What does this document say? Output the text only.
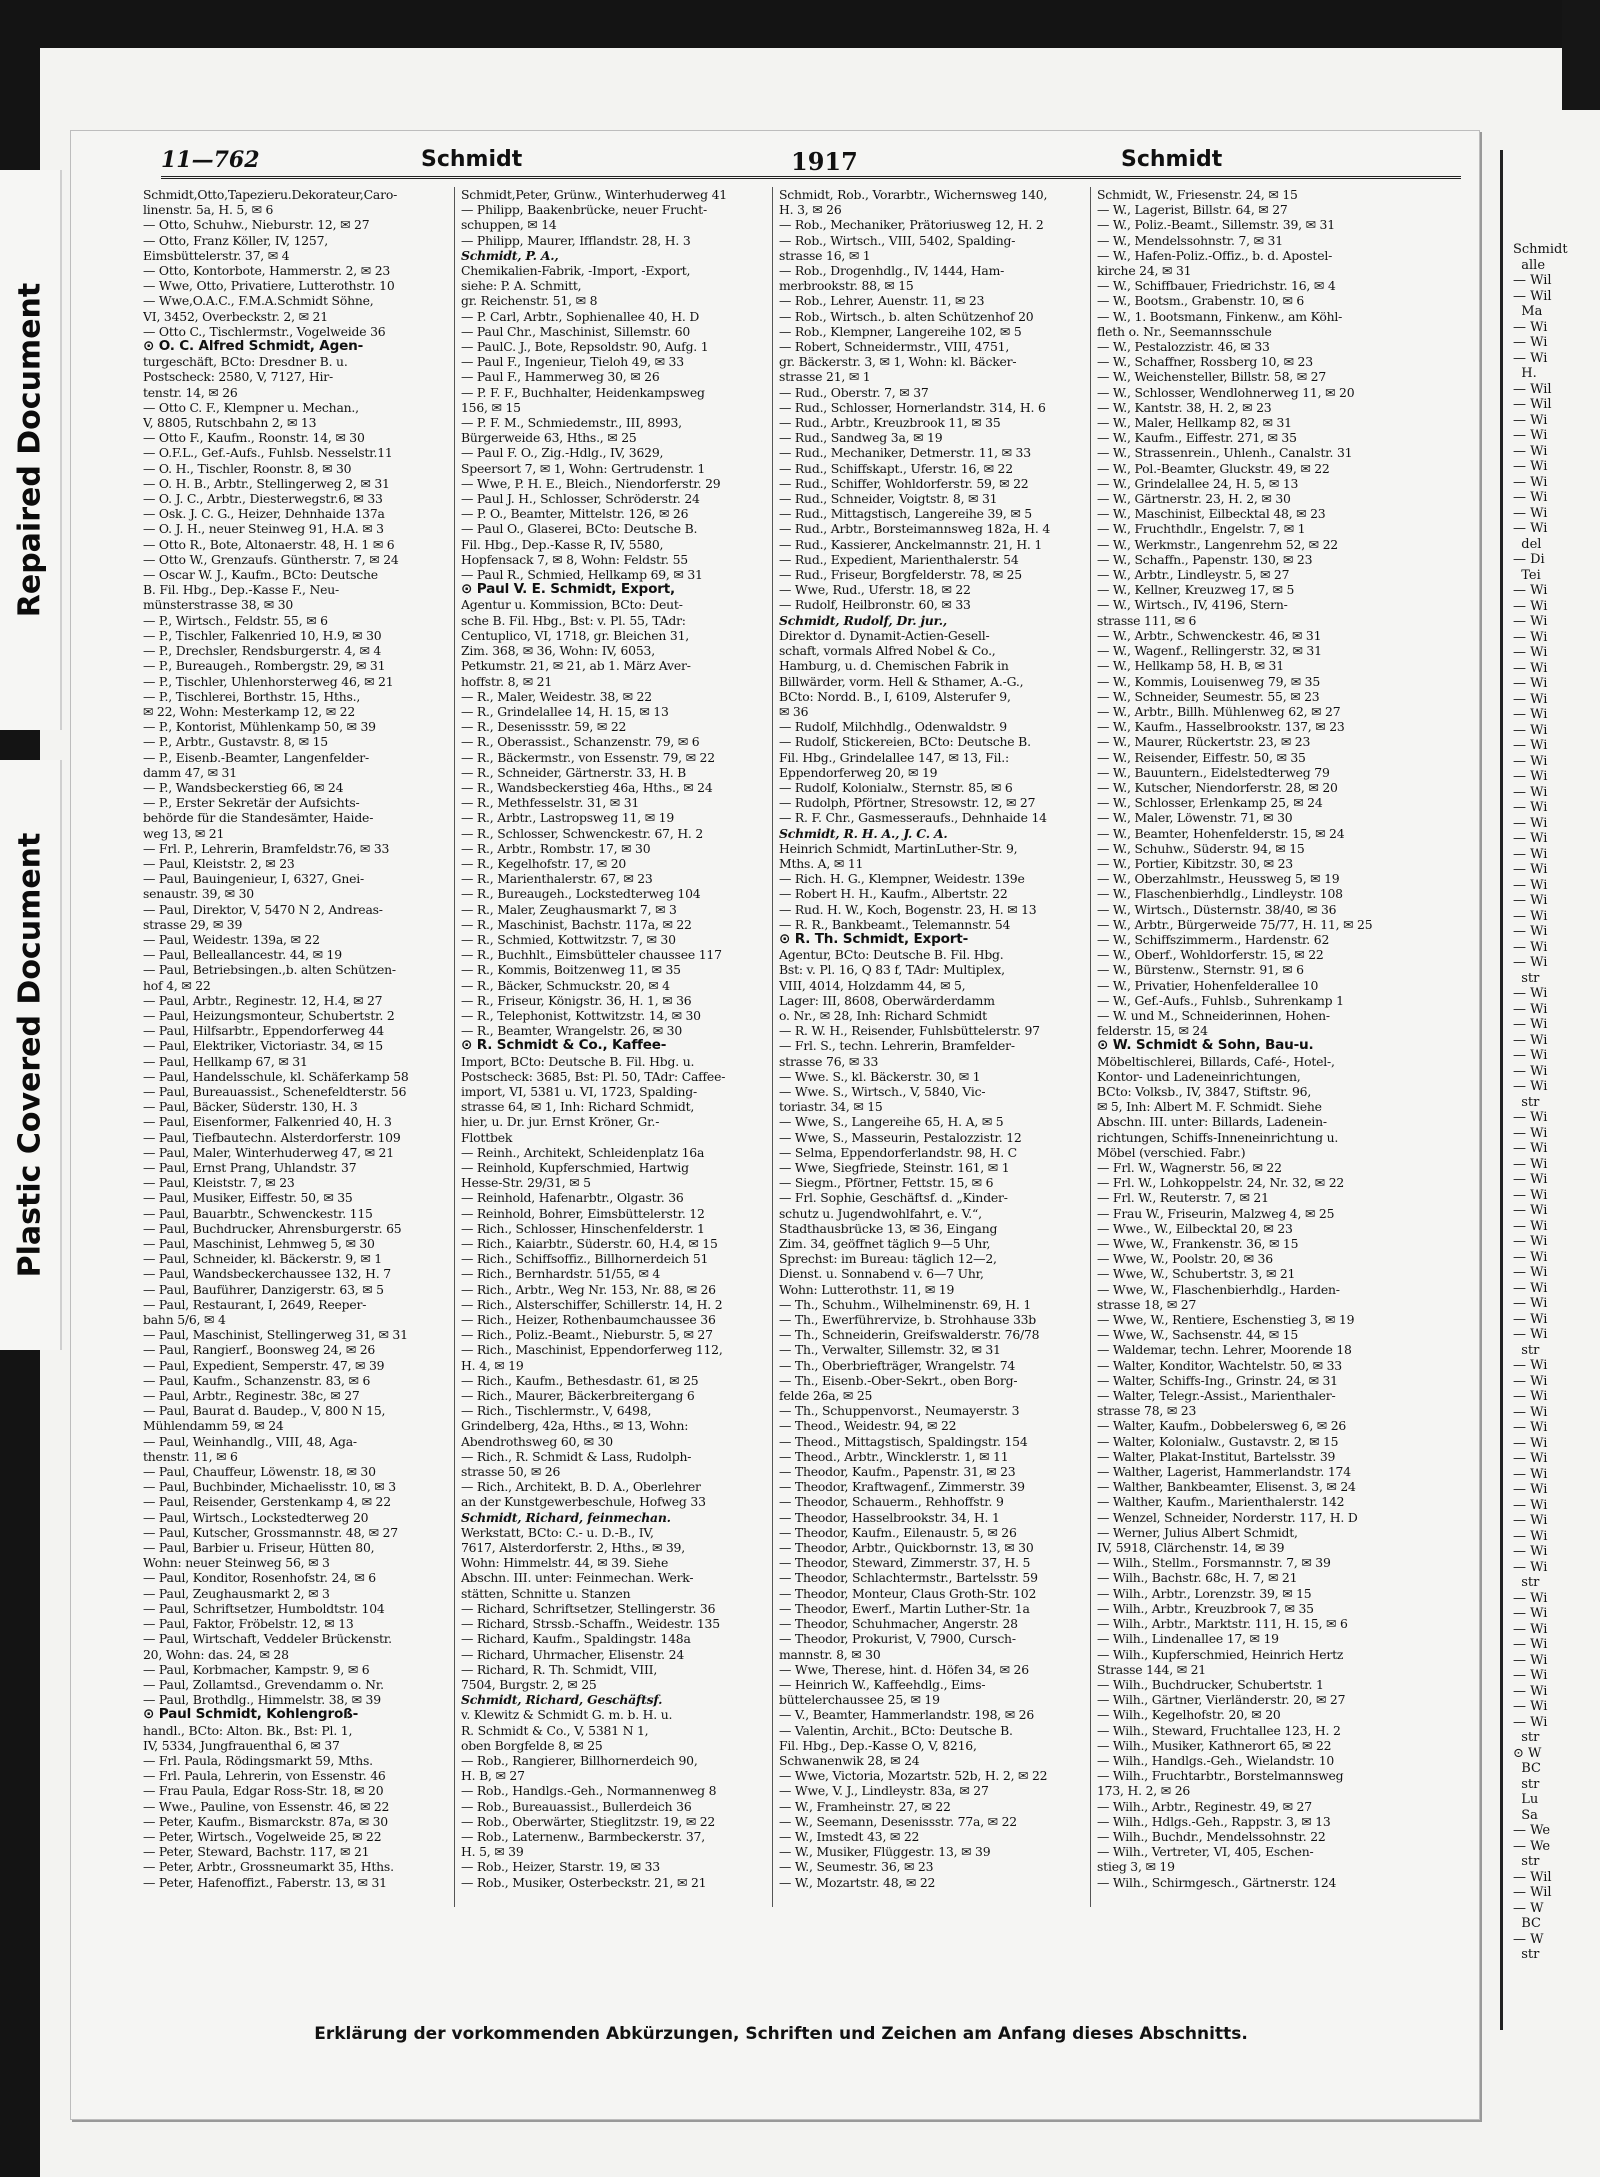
Repaired Document
Plastic Covered Document
Schmidt
alle
— Wil
— Wil
Ma
— Wi
— Wi
— Wi
H.
— Wil
— Wil
— Wi
— Wi
— Wi
— Wi
— Wi
— Wi
— Wi
— Wi
del
— Di
Tei
— Wi
— Wi
— Wi
— Wi
— Wi
— Wi
— Wi
— Wi
— Wi
— Wi
— Wi
— Wi
— Wi
— Wi
— Wi
— Wi
— Wi
— Wi
— Wi
— Wi
— Wi
— Wi
— Wi
— Wi
— Wi
str
— Wi
— Wi
— Wi
— Wi
— Wi
— Wi
— Wi
str
— Wi
— Wi
— Wi
— Wi
— Wi
— Wi
— Wi
— Wi
— Wi
— Wi
— Wi
— Wi
— Wi
— Wi
— Wi
str
— Wi
— Wi
— Wi
— Wi
— Wi
— Wi
— Wi
— Wi
— Wi
— Wi
— Wi
— Wi
— Wi
— Wi
str
— Wi
— Wi
— Wi
— Wi
— Wi
— Wi
— Wi
— Wi
— Wi
str
⊙ W
BC
str
Lu
Sa
— We
— We
str
— Wil
— Wil
— W
BC
— W
str
11—762	Schmidt	1917	Schmidt
Schmidt,Otto,Tapezieru.Dekorateur,Caro-
linenstr. 5a, H. 5, ✉ 6
— Otto, Schuhw., Nieburstr. 12, ✉ 27
— Otto, Franz Köller, IV, 1257,
Eimsbüttelerstr. 37, ✉ 4
— Otto, Kontorbote, Hammerstr. 2, ✉ 23
— Wwe, Otto, Privatiere, Lutterothstr. 10
— Wwe,O.A.C., F.M.A.Schmidt Söhne,
VI, 3452, Overbeckstr. 2, ✉ 21
— Otto C., Tischlermstr., Vogelweide 36
⊙ O. C. Alfred Schmidt, Agen-
turgeschäft, BCto: Dresdner B. u.
Postscheck: 2580, V, 7127, Hir-
tenstr. 14, ✉ 26
— Otto C. F., Klempner u. Mechan.,
V, 8805, Rutschbahn 2, ✉ 13
— Otto F., Kaufm., Roonstr. 14, ✉ 30
— O.F.L., Gef.-Aufs., Fuhlsb. Nesselstr.11
— O. H., Tischler, Roonstr. 8, ✉ 30
— O. H. B., Arbtr., Stellingerweg 2, ✉ 31
— O. J. C., Arbtr., Diesterwegstr.6, ✉ 33
— Osk. J. C. G., Heizer, Dehnhaide 137a
— O. J. H., neuer Steinweg 91, H.A. ✉ 3
— Otto R., Bote, Altonaerstr. 48, H. 1 ✉ 6
— Otto W., Grenzaufs. Güntherstr. 7, ✉ 24
— Oscar W. J., Kaufm., BCto: Deutsche
B. Fil. Hbg., Dep.-Kasse F., Neu-
münsterstrasse 38, ✉ 30
— P., Wirtsch., Feldstr. 55, ✉ 6
— P., Tischler, Falkenried 10, H.9, ✉ 30
— P., Drechsler, Rendsburgerstr. 4, ✉ 4
— P., Bureaugeh., Rombergstr. 29, ✉ 31
— P., Tischler, Uhlenhorsterweg 46, ✉ 21
— P., Tischlerei, Borthstr. 15, Hths.,
✉ 22, Wohn: Mesterkamp 12, ✉ 22
— P., Kontorist, Mühlenkamp 50, ✉ 39
— P., Arbtr., Gustavstr. 8, ✉ 15
— P., Eisenb.-Beamter, Langenfelder-
damm 47, ✉ 31
— P., Wandsbeckerstieg 66, ✉ 24
— P., Erster Sekretär der Aufsichts-
behörde für die Standesämter, Haide-
weg 13, ✉ 21
— Frl. P., Lehrerin, Bramfeldstr.76, ✉ 33
— Paul, Kleiststr. 2, ✉ 23
— Paul, Bauingenieur, I, 6327, Gnei-
senaustr. 39, ✉ 30
— Paul, Direktor, V, 5470 N 2, Andreas-
strasse 29, ✉ 39
— Paul, Weidestr. 139a, ✉ 22
— Paul, Belleallancestr. 44, ✉ 19
— Paul, Betriebsingen.,b. alten Schützen-
hof 4, ✉ 22
— Paul, Arbtr., Reginestr. 12, H.4, ✉ 27
— Paul, Heizungsmonteur, Schubertstr. 2
— Paul, Hilfsarbtr., Eppendorferweg 44
— Paul, Elektriker, Victoriastr. 34, ✉ 15
— Paul, Hellkamp 67, ✉ 31
— Paul, Handelsschule, kl. Schäferkamp 58
— Paul, Bureauassist., Schenefeldterstr. 56
— Paul, Bäcker, Süderstr. 130, H. 3
— Paul, Eisenformer, Falkenried 40, H. 3
— Paul, Tiefbautechn. Alsterdorferstr. 109
— Paul, Maler, Winterhuderweg 47, ✉ 21
— Paul, Ernst Prang, Uhlandstr. 37
— Paul, Kleiststr. 7, ✉ 23
— Paul, Musiker, Eiffestr. 50, ✉ 35
— Paul, Bauarbtr., Schwenckestr. 115
— Paul, Buchdrucker, Ahrensburgerstr. 65
— Paul, Maschinist, Lehmweg 5, ✉ 30
— Paul, Schneider, kl. Bäckerstr. 9, ✉ 1
— Paul, Wandsbeckerchaussee 132, H. 7
— Paul, Bauführer, Danzigerstr. 63, ✉ 5
— Paul, Restaurant, I, 2649, Reeper-
bahn 5/6, ✉ 4
— Paul, Maschinist, Stellingerweg 31, ✉ 31
— Paul, Rangierf., Boonsweg 24, ✉ 26
— Paul, Expedient, Semperstr. 47, ✉ 39
— Paul, Kaufm., Schanzenstr. 83, ✉ 6
— Paul, Arbtr., Reginestr. 38c, ✉ 27
— Paul, Baurat d. Baudep., V, 800 N 15,
Mühlendamm 59, ✉ 24
— Paul, Weinhandlg., VIII, 48, Aga-
thenstr. 11, ✉ 6
— Paul, Chauffeur, Löwenstr. 18, ✉ 30
— Paul, Buchbinder, Michaelisstr. 10, ✉ 3
— Paul, Reisender, Gerstenkamp 4, ✉ 22
— Paul, Wirtsch., Lockstedterweg 20
— Paul, Kutscher, Grossmannstr. 48, ✉ 27
— Paul, Barbier u. Friseur, Hütten 80,
Wohn: neuer Steinweg 56, ✉ 3
— Paul, Konditor, Rosenhofstr. 24, ✉ 6
— Paul, Zeughausmarkt 2, ✉ 3
— Paul, Schriftsetzer, Humboldtstr. 104
— Paul, Faktor, Fröbelstr. 12, ✉ 13
— Paul, Wirtschaft, Veddeler Brückenstr.
20, Wohn: das. 24, ✉ 28
— Paul, Korbmacher, Kampstr. 9, ✉ 6
— Paul, Zollamtsd., Grevendamm o. Nr.
— Paul, Brothdlg., Himmelstr. 38, ✉ 39
⊙ Paul Schmidt, Kohlengroß-
handl., BCto: Alton. Bk., Bst: Pl. 1,
IV, 5334, Jungfrauenthal 6, ✉ 37
— Frl. Paula, Rödingsmarkt 59, Mths.
— Frl. Paula, Lehrerin, von Essenstr. 46
— Frau Paula, Edgar Ross-Str. 18, ✉ 20
— Wwe., Pauline, von Essenstr. 46, ✉ 22
— Peter, Kaufm., Bismarckstr. 87a, ✉ 30
— Peter, Wirtsch., Vogelweide 25, ✉ 22
— Peter, Steward, Bachstr. 117, ✉ 21
— Peter, Arbtr., Grossneumarkt 35, Hths.
— Peter, Hafenoffizt., Faberstr. 13, ✉ 31
Schmidt,Peter, Grünw., Winterhuderweg 41
— Philipp, Baakenbrücke, neuer Frucht-
schuppen, ✉ 14
— Philipp, Maurer, Ifflandstr. 28, H. 3
Schmidt, P. A.,
Chemikalien-Fabrik, -Import, -Export,
siehe: P. A. Schmitt,
gr. Reichenstr. 51, ✉ 8
— P. Carl, Arbtr., Sophienallee 40, H. D
— Paul Chr., Maschinist, Sillemstr. 60
— PaulC. J., Bote, Repsoldstr. 90, Aufg. 1
— Paul F., Ingenieur, Tieloh 49, ✉ 33
— Paul F., Hammerweg 30, ✉ 26
— P. F. F., Buchhalter, Heidenkampsweg
156, ✉ 15
— P. F. M., Schmiedemstr., III, 8993,
Bürgerweide 63, Hths., ✉ 25
— Paul F. O., Zig.-Hdlg., IV, 3629,
Speersort 7, ✉ 1, Wohn: Gertrudenstr. 1
— Wwe, P. H. E., Bleich., Niendorferstr. 29
— Paul J. H., Schlosser, Schröderstr. 24
— P. O., Beamter, Mittelstr. 126, ✉ 26
— Paul O., Glaserei, BCto: Deutsche B.
Fil. Hbg., Dep.-Kasse R, IV, 5580,
Hopfensack 7, ✉ 8, Wohn: Feldstr. 55
— Paul R., Schmied, Hellkamp 69, ✉ 31
⊙ Paul V. E. Schmidt, Export,
Agentur u. Kommission, BCto: Deut-
sche B. Fil. Hbg., Bst: v. Pl. 55, TAdr:
Centuplico, VI, 1718, gr. Bleichen 31,
Zim. 368, ✉ 36, Wohn: IV, 6053,
Petkumstr. 21, ✉ 21, ab 1. März Aver-
hoffstr. 8, ✉ 21
— R., Maler, Weidestr. 38, ✉ 22
— R., Grindelallee 14, H. 15, ✉ 13
— R., Desenissstr. 59, ✉ 22
— R., Oberassist., Schanzenstr. 79, ✉ 6
— R., Bäckermstr., von Essenstr. 79, ✉ 22
— R., Schneider, Gärtnerstr. 33, H. B
— R., Wandsbeckerstieg 46a, Hths., ✉ 24
— R., Methfesselstr. 31, ✉ 31
— R., Arbtr., Lastropsweg 11, ✉ 19
— R., Schlosser, Schwenckestr. 67, H. 2
— R., Arbtr., Rombstr. 17, ✉ 30
— R., Kegelhofstr. 17, ✉ 20
— R., Marienthalerstr. 67, ✉ 23
— R., Bureaugeh., Lockstedterweg 104
— R., Maler, Zeughausmarkt 7, ✉ 3
— R., Maschinist, Bachstr. 117a, ✉ 22
— R., Schmied, Kottwitzstr. 7, ✉ 30
— R., Buchhlt., Eimsbütteler chaussee 117
— R., Kommis, Boitzenweg 11, ✉ 35
— R., Bäcker, Schmuckstr. 20, ✉ 4
— R., Friseur, Königstr. 36, H. 1, ✉ 36
— R., Telephonist, Kottwitzstr. 14, ✉ 30
— R., Beamter, Wrangelstr. 26, ✉ 30
⊙ R. Schmidt & Co., Kaffee-
Import, BCto: Deutsche B. Fil. Hbg. u.
Postscheck: 3685, Bst: Pl. 50, TAdr: Caffee-
import, VI, 5381 u. VI, 1723, Spalding-
strasse 64, ✉ 1, Inh: Richard Schmidt,
hier, u. Dr. jur. Ernst Kröner, Gr.-
Flottbek
— Reinh., Architekt, Schleidenplatz 16a
— Reinhold, Kupferschmied, Hartwig
Hesse-Str. 29/31, ✉ 5
— Reinhold, Hafenarbtr., Olgastr. 36
— Reinhold, Bohrer, Eimsbüttelerstr. 12
— Rich., Schlosser, Hinschenfelderstr. 1
— Rich., Kaiarbtr., Süderstr. 60, H.4, ✉ 15
— Rich., Schiffsoffiz., Billhornerdeich 51
— Rich., Bernhardstr. 51/55, ✉ 4
— Rich., Arbtr., Weg Nr. 153, Nr. 88, ✉ 26
— Rich., Alsterschiffer, Schillerstr. 14, H. 2
— Rich., Heizer, Rothenbaumchaussee 36
— Rich., Poliz.-Beamt., Nieburstr. 5, ✉ 27
— Rich., Maschinist, Eppendorferweg 112,
H. 4, ✉ 19
— Rich., Kaufm., Bethesdastr. 61, ✉ 25
— Rich., Maurer, Bäckerbreitergang 6
— Rich., Tischlermstr., V, 6498,
Grindelberg, 42a, Hths., ✉ 13, Wohn:
Abendrothsweg 60, ✉ 30
— Rich., R. Schmidt & Lass, Rudolph-
strasse 50, ✉ 26
— Rich., Architekt, B. D. A., Oberlehrer
an der Kunstgewerbeschule, Hofweg 33
Schmidt, Richard, feinmechan.
Werkstatt, BCto: C.- u. D.-B., IV,
7617, Alsterdorferstr. 2, Hths., ✉ 39,
Wohn: Himmelstr. 44, ✉ 39. Siehe
Abschn. III. unter: Feinmechan. Werk-
stätten, Schnitte u. Stanzen
— Richard, Schriftsetzer, Stellingerstr. 36
— Richard, Strssb.-Schaffn., Weidestr. 135
— Richard, Kaufm., Spaldingstr. 148a
— Richard, Uhrmacher, Elisenstr. 24
— Richard, R. Th. Schmidt, VIII,
7504, Burgstr. 2, ✉ 25
Schmidt, Richard, Geschäftsf.
v. Klewitz & Schmidt G. m. b. H. u.
R. Schmidt & Co., V, 5381 N 1,
oben Borgfelde 8, ✉ 25
— Rob., Rangierer, Billhornerdeich 90,
H. B, ✉ 27
— Rob., Handlgs.-Geh., Normannenweg 8
— Rob., Bureauassist., Bullerdeich 36
— Rob., Oberwärter, Stieglitzstr. 19, ✉ 22
— Rob., Laternenw., Barmbeckerstr. 37,
H. 5, ✉ 39
— Rob., Heizer, Starstr. 19, ✉ 33
— Rob., Musiker, Osterbeckstr. 21, ✉ 21
Schmidt, Rob., Vorarbtr., Wichernsweg 140,
H. 3, ✉ 26
— Rob., Mechaniker, Prätoriusweg 12, H. 2
— Rob., Wirtsch., VIII, 5402, Spalding-
strasse 16, ✉ 1
— Rob., Drogenhdlg., IV, 1444, Ham-
merbrookstr. 88, ✉ 15
— Rob., Lehrer, Auenstr. 11, ✉ 23
— Rob., Wirtsch., b. alten Schützenhof 20
— Rob., Klempner, Langereihe 102, ✉ 5
— Robert, Schneidermstr., VIII, 4751,
gr. Bäckerstr. 3, ✉ 1, Wohn: kl. Bäcker-
strasse 21, ✉ 1
— Rud., Oberstr. 7, ✉ 37
— Rud., Schlosser, Hornerlandstr. 314, H. 6
— Rud., Arbtr., Kreuzbrook 11, ✉ 35
— Rud., Sandweg 3a, ✉ 19
— Rud., Mechaniker, Detmerstr. 11, ✉ 33
— Rud., Schiffskapt., Uferstr. 16, ✉ 22
— Rud., Schiffer, Wohldorferstr. 59, ✉ 22
— Rud., Schneider, Voigtstr. 8, ✉ 31
— Rud., Mittagstisch, Langereihe 39, ✉ 5
— Rud., Arbtr., Borsteimannsweg 182a, H. 4
— Rud., Kassierer, Anckelmannstr. 21, H. 1
— Rud., Expedient, Marienthalerstr. 54
— Rud., Friseur, Borgfelderstr. 78, ✉ 25
— Wwe, Rud., Uferstr. 18, ✉ 22
— Rudolf, Heilbronstr. 60, ✉ 33
Schmidt, Rudolf, Dr. jur.,
Direktor d. Dynamit-Actien-Gesell-
schaft, vormals Alfred Nobel & Co.,
Hamburg, u. d. Chemischen Fabrik in
Billwärder, vorm. Hell & Sthamer, A.-G.,
BCto: Nordd. B., I, 6109, Alsterufer 9,
✉ 36
— Rudolf, Milchhdlg., Odenwaldstr. 9
— Rudolf, Stickereien, BCto: Deutsche B.
Fil. Hbg., Grindelallee 147, ✉ 13, Fil.:
Eppendorferweg 20, ✉ 19
— Rudolf, Kolonialw., Sternstr. 85, ✉ 6
— Rudolph, Pförtner, Stresowstr. 12, ✉ 27
— R. F. Chr., Gasmesseraufs., Dehnhaide 14
Schmidt, R. H. A., J. C. A.
Heinrich Schmidt, MartinLuther-Str. 9,
Mths. A, ✉ 11
— Rich. H. G., Klempner, Weidestr. 139e
— Robert H. H., Kaufm., Albertstr. 22
— Rud. H. W., Koch, Bogenstr. 23, H. ✉ 13
— R. R., Bankbeamt., Telemannstr. 54
⊙ R. Th. Schmidt, Export-
Agentur, BCto: Deutsche B. Fil. Hbg.
Bst: v. Pl. 16, Q 83 f, TAdr: Multiplex,
VIII, 4014, Holzdamm 44, ✉ 5,
Lager: III, 8608, Oberwärderdamm
o. Nr., ✉ 28, Inh: Richard Schmidt
— R. W. H., Reisender, Fuhlsbüttelerstr. 97
— Frl. S., techn. Lehrerin, Bramfelder-
strasse 76, ✉ 33
— Wwe. S., kl. Bäckerstr. 30, ✉ 1
— Wwe. S., Wirtsch., V, 5840, Vic-
toriastr. 34, ✉ 15
— Wwe, S., Langereihe 65, H. A, ✉ 5
— Wwe, S., Masseurin, Pestalozzistr. 12
— Selma, Eppendorferlandstr. 98, H. C
— Wwe, Siegfriede, Steinstr. 161, ✉ 1
— Siegm., Pförtner, Fettstr. 15, ✉ 6
— Frl. Sophie, Geschäftsf. d. „Kinder-
schutz u. Jugendwohlfahrt, e. V.“,
Stadthausbrücke 13, ✉ 36, Eingang
Zim. 34, geöffnet täglich 9—5 Uhr,
Sprechst: im Bureau: täglich 12—2,
Dienst. u. Sonnabend v. 6—7 Uhr,
Wohn: Lutterothstr. 11, ✉ 19
— Th., Schuhm., Wilhelminenstr. 69, H. 1
— Th., Ewerführervize, b. Strohhause 33b
— Th., Schneiderin, Greifswalderstr. 76/78
— Th., Verwalter, Sillemstr. 32, ✉ 31
— Th., Oberbriefträger, Wrangelstr. 74
— Th., Eisenb.-Ober-Sekrt., oben Borg-
felde 26a, ✉ 25
— Th., Schuppenvorst., Neumayerstr. 3
— Theod., Weidestr. 94, ✉ 22
— Theod., Mittagstisch, Spaldingstr. 154
— Theod., Arbtr., Wincklerstr. 1, ✉ 11
— Theodor, Kaufm., Papenstr. 31, ✉ 23
— Theodor, Kraftwagenf., Zimmerstr. 39
— Theodor, Schauerm., Rehhoffstr. 9
— Theodor, Hasselbrookstr. 34, H. 1
— Theodor, Kaufm., Eilenaustr. 5, ✉ 26
— Theodor, Arbtr., Quickbornstr. 13, ✉ 30
— Theodor, Steward, Zimmerstr. 37, H. 5
— Theodor, Schlachtermstr., Bartelsstr. 59
— Theodor, Monteur, Claus Groth-Str. 102
— Theodor, Ewerf., Martin Luther-Str. 1a
— Theodor, Schuhmacher, Angerstr. 28
— Theodor, Prokurist, V, 7900, Cursch-
mannstr. 8, ✉ 30
— Wwe, Therese, hint. d. Höfen 34, ✉ 26
— Heinrich W., Kaffeehdlg., Eims-
büttelerchaussee 25, ✉ 19
— V., Beamter, Hammerlandstr. 198, ✉ 26
— Valentin, Archit., BCto: Deutsche B.
Fil. Hbg., Dep.-Kasse O, V, 8216,
Schwanenwik 28, ✉ 24
— Wwe, Victoria, Mozartstr. 52b, H. 2, ✉ 22
— Wwe, V. J., Lindleystr. 83a, ✉ 27
— W., Framheinstr. 27, ✉ 22
— W., Seemann, Desenissstr. 77a, ✉ 22
— W., Imstedt 43, ✉ 22
— W., Musiker, Flüggestr. 13, ✉ 39
— W., Seumestr. 36, ✉ 23
— W., Mozartstr. 48, ✉ 22
Schmidt, W., Friesenstr. 24, ✉ 15
— W., Lagerist, Billstr. 64, ✉ 27
— W., Poliz.-Beamt., Sillemstr. 39, ✉ 31
— W., Mendelssohnstr. 7, ✉ 31
— W., Hafen-Poliz.-Offiz., b. d. Apostel-
kirche 24, ✉ 31
— W., Schiffbauer, Friedrichstr. 16, ✉ 4
— W., Bootsm., Grabenstr. 10, ✉ 6
— W., 1. Bootsmann, Finkenw., am Köhl-
fleth o. Nr., Seemannsschule
— W., Pestalozzistr. 46, ✉ 33
— W., Schaffner, Rossberg 10, ✉ 23
— W., Weichensteller, Billstr. 58, ✉ 27
— W., Schlosser, Wendlohnerweg 11, ✉ 20
— W., Kantstr. 38, H. 2, ✉ 23
— W., Maler, Hellkamp 82, ✉ 31
— W., Kaufm., Eiffestr. 271, ✉ 35
— W., Strassenrein., Uhlenh., Canalstr. 31
— W., Pol.-Beamter, Gluckstr. 49, ✉ 22
— W., Grindelallee 24, H. 5, ✉ 13
— W., Gärtnerstr. 23, H. 2, ✉ 30
— W., Maschinist, Eilbecktal 48, ✉ 23
— W., Fruchthdlr., Engelstr. 7, ✉ 1
— W., Werkmstr., Langenrehm 52, ✉ 22
— W., Schaffn., Papenstr. 130, ✉ 23
— W., Arbtr., Lindleystr. 5, ✉ 27
— W., Kellner, Kreuzweg 17, ✉ 5
— W., Wirtsch., IV, 4196, Stern-
strasse 111, ✉ 6
— W., Arbtr., Schwenckestr. 46, ✉ 31
— W., Wagenf., Rellingerstr. 32, ✉ 31
— W., Hellkamp 58, H. B, ✉ 31
— W., Kommis, Louisenweg 79, ✉ 35
— W., Schneider, Seumestr. 55, ✉ 23
— W., Arbtr., Billh. Mühlenweg 62, ✉ 27
— W., Kaufm., Hasselbrookstr. 137, ✉ 23
— W., Maurer, Rückertstr. 23, ✉ 23
— W., Reisender, Eiffestr. 50, ✉ 35
— W., Bauuntern., Eidelstedterweg 79
— W., Kutscher, Niendorferstr. 28, ✉ 20
— W., Schlosser, Erlenkamp 25, ✉ 24
— W., Maler, Löwenstr. 71, ✉ 30
— W., Beamter, Hohenfelderstr. 15, ✉ 24
— W., Schuhw., Süderstr. 94, ✉ 15
— W., Portier, Kibitzstr. 30, ✉ 23
— W., Oberzahlmstr., Heussweg 5, ✉ 19
— W., Flaschenbierhdlg., Lindleystr. 108
— W., Wirtsch., Düsternstr. 38/40, ✉ 36
— W., Arbtr., Bürgerweide 75/77, H. 11, ✉ 25
— W., Schiffszimmerm., Hardenstr. 62
— W., Oberf., Wohldorferstr. 15, ✉ 22
— W., Bürstenw., Sternstr. 91, ✉ 6
— W., Privatier, Hohenfelderallee 10
— W., Gef.-Aufs., Fuhlsb., Suhrenkamp 1
— W. und M., Schneiderinnen, Hohen-
felderstr. 15, ✉ 24
⊙ W. Schmidt & Sohn, Bau-u.
Möbeltischlerei, Billards, Café-, Hotel-,
Kontor- und Ladeneinrichtungen,
BCto: Volksb., IV, 3847, Stiftstr. 96,
✉ 5, Inh: Albert M. F. Schmidt. Siehe
Abschn. III. unter: Billards, Ladenein-
richtungen, Schiffs-Inneneinrichtung u.
Möbel (verschied. Fabr.)
— Frl. W., Wagnerstr. 56, ✉ 22
— Frl. W., Lohkoppelstr. 24, Nr. 32, ✉ 22
— Frl. W., Reuterstr. 7, ✉ 21
— Frau W., Friseurin, Malzweg 4, ✉ 25
— Wwe., W., Eilbecktal 20, ✉ 23
— Wwe, W., Frankenstr. 36, ✉ 15
— Wwe, W., Poolstr. 20, ✉ 36
— Wwe, W., Schubertstr. 3, ✉ 21
— Wwe, W., Flaschenbierhdlg., Harden-
strasse 18, ✉ 27
— Wwe, W., Rentiere, Eschenstieg 3, ✉ 19
— Wwe, W., Sachsenstr. 44, ✉ 15
— Waldemar, techn. Lehrer, Moorende 18
— Walter, Konditor, Wachtelstr. 50, ✉ 33
— Walter, Schiffs-Ing., Grinstr. 24, ✉ 31
— Walter, Telegr.-Assist., Marienthaler-
strasse 78, ✉ 23
— Walter, Kaufm., Dobbelersweg 6, ✉ 26
— Walter, Kolonialw., Gustavstr. 2, ✉ 15
— Walter, Plakat-Institut, Bartelsstr. 39
— Walther, Lagerist, Hammerlandstr. 174
— Walther, Bankbeamter, Elisenst. 3, ✉ 24
— Walther, Kaufm., Marienthalerstr. 142
— Wenzel, Schneider, Norderstr. 117, H. D
— Werner, Julius Albert Schmidt,
IV, 5918, Clärchenstr. 14, ✉ 39
— Wilh., Stellm., Forsmannstr. 7, ✉ 39
— Wilh., Bachstr. 68c, H. 7, ✉ 21
— Wilh., Arbtr., Lorenzstr. 39, ✉ 15
— Wilh., Arbtr., Kreuzbrook 7, ✉ 35
— Wilh., Arbtr., Marktstr. 111, H. 15, ✉ 6
— Wilh., Lindenallee 17, ✉ 19
— Wilh., Kupferschmied, Heinrich Hertz
Strasse 144, ✉ 21
— Wilh., Buchdrucker, Schubertstr. 1
— Wilh., Gärtner, Vierländerstr. 20, ✉ 27
— Wilh., Kegelhofstr. 20, ✉ 20
— Wilh., Steward, Fruchtallee 123, H. 2
— Wilh., Musiker, Kathnerort 65, ✉ 22
— Wilh., Handlgs.-Geh., Wielandstr. 10
— Wilh., Fruchtarbtr., Borstelmannsweg
173, H. 2, ✉ 26
— Wilh., Arbtr., Reginestr. 49, ✉ 27
— Wilh., Hdlgs.-Geh., Rappstr. 3, ✉ 13
— Wilh., Buchdr., Mendelssohnstr. 22
— Wilh., Vertreter, VI, 405, Eschen-
stieg 3, ✉ 19
— Wilh., Schirmgesch., Gärtnerstr. 124
Erklärung der vorkommenden Abkürzungen, Schriften und Zeichen am Anfang dieses Abschnitts.
